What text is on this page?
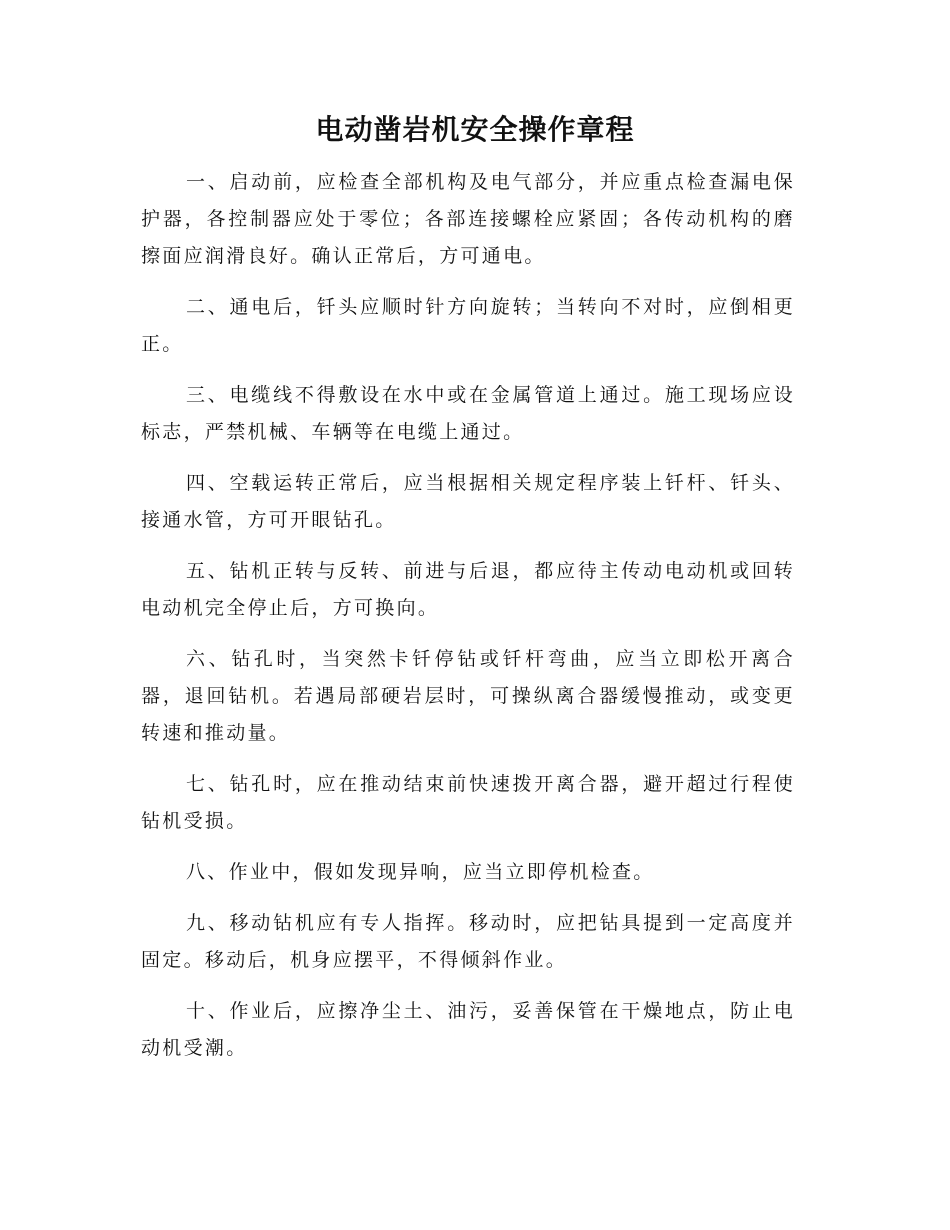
电动凿岩机安全操作章程

一、启动前，应检查全部机构及电气部分，并应重点检查漏电保护器，各控制器应处于零位；各部连接螺栓应紧固；各传动机构的磨擦面应润滑良好。确认正常后，方可通电。

二、通电后，钎头应顺时针方向旋转；当转向不对时，应倒相更正。

三、电缆线不得敷设在水中或在金属管道上通过。施工现场应设标志，严禁机械、车辆等在电缆上通过。

四、空载运转正常后，应当根据相关规定程序装上钎杆、钎头、接通水管，方可开眼钻孔。

五、钻机正转与反转、前进与后退，都应待主传动电动机或回转电动机完全停止后，方可换向。

六、钻孔时，当突然卡钎停钻或钎杆弯曲，应当立即松开离合器，退回钻机。若遇局部硬岩层时，可操纵离合器缓慢推动，或变更转速和推动量。

七、钻孔时，应在推动结束前快速拨开离合器，避开超过行程使钻机受损。

八、作业中，假如发现异响，应当立即停机检查。

九、移动钻机应有专人指挥。移动时，应把钻具提到一定高度并固定。移动后，机身应摆平，不得倾斜作业。

十、作业后，应擦净尘土、油污，妥善保管在干燥地点，防止电动机受潮。
